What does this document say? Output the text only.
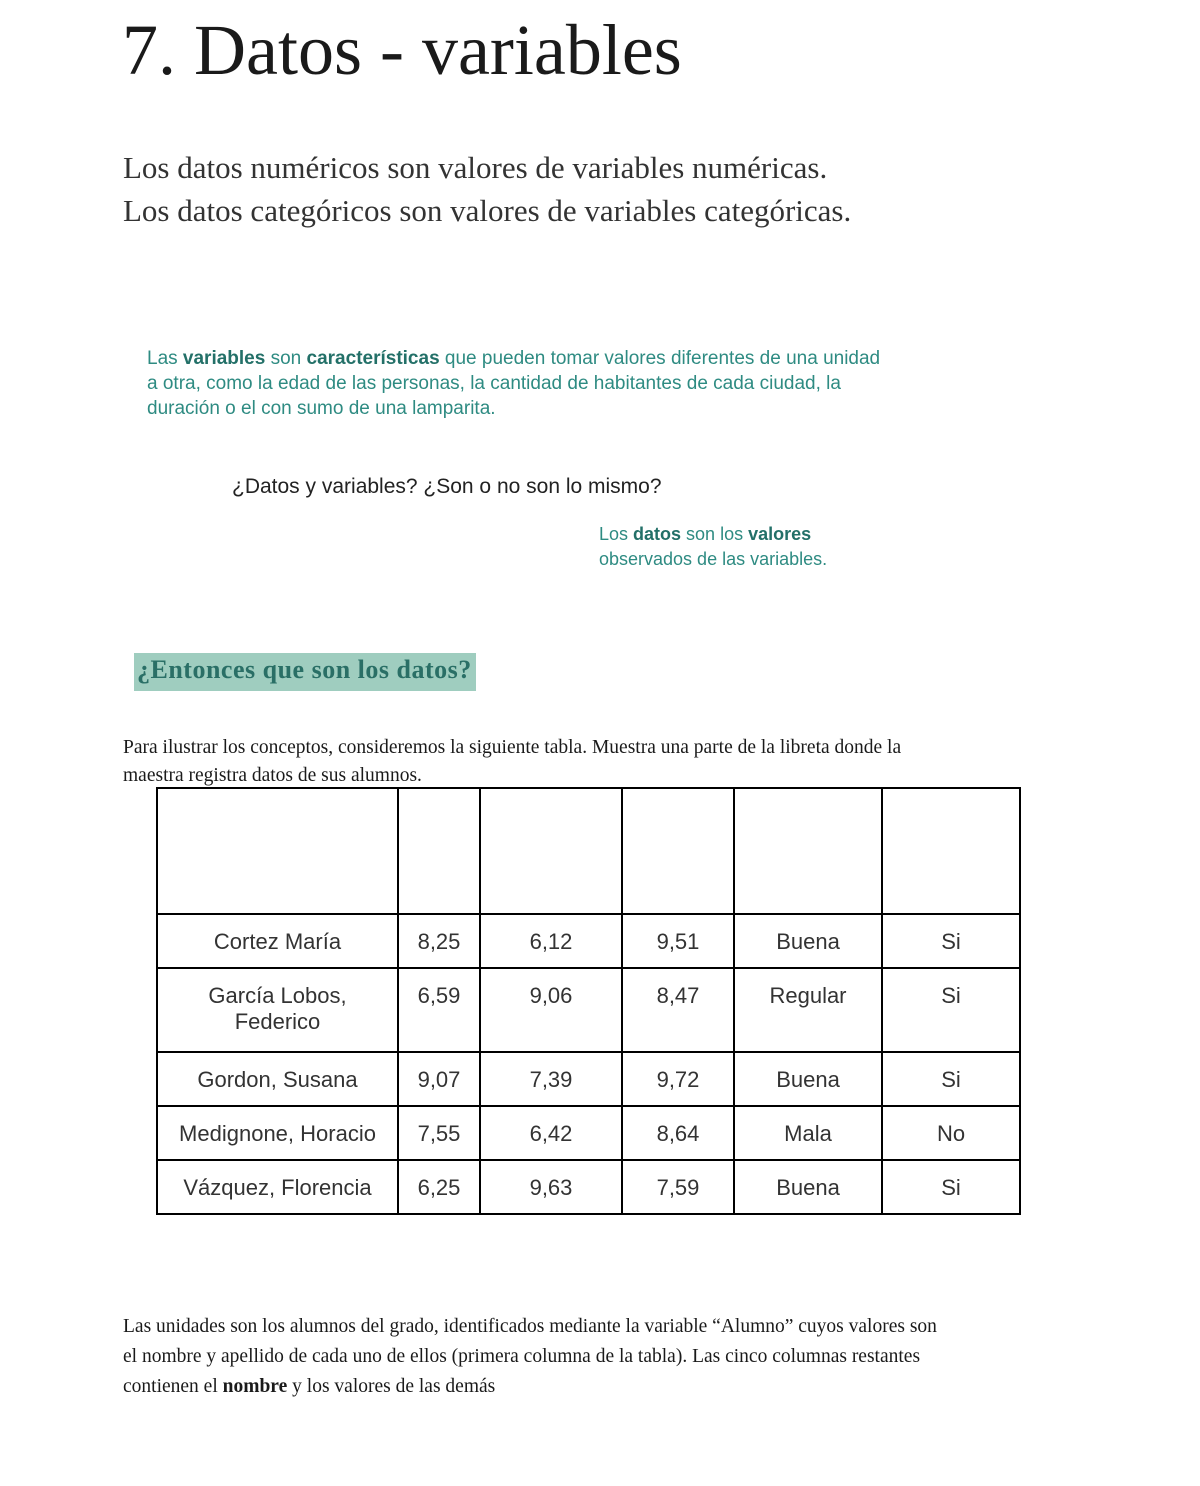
7. Datos - variables

Los datos numéricos son valores de variables numéricas.

Los datos categóricos son valores de variables categóricas.

Las variables son características que pueden tomar valores diferentes de una unidad a otra, como la edad de las personas, la cantidad de habitantes de cada ciudad, la duración o el con sumo de una lamparita.
¿Datos y variables? ¿Son o no son lo mismo?
Los datos son los valores
observados de las variables.
¿Entonces que son los datos?
Para ilustrar los conceptos, consideremos la siguiente tabla. Muestra una parte de la libreta donde la maestra registra datos de sus alumnos.

Cortez María	8,25	6,12	9,51	Buena	Si
García Lobos, Federico	6,59	9,06	8,47	Regular	Si
Gordon, Susana	9,07	7,39	9,72	Buena	Si
Medignone, Horacio	7,55	6,42	8,64	Mala	No
Vázquez, Florencia	6,25	9,63	7,59	Buena	Si
Las unidades son los alumnos del grado, identificados mediante la variable “Alumno” cuyos valores son el nombre y apellido de cada uno de ellos (primera columna de la tabla). Las cinco columnas restantes contienen el nombre y los valores de las demás
